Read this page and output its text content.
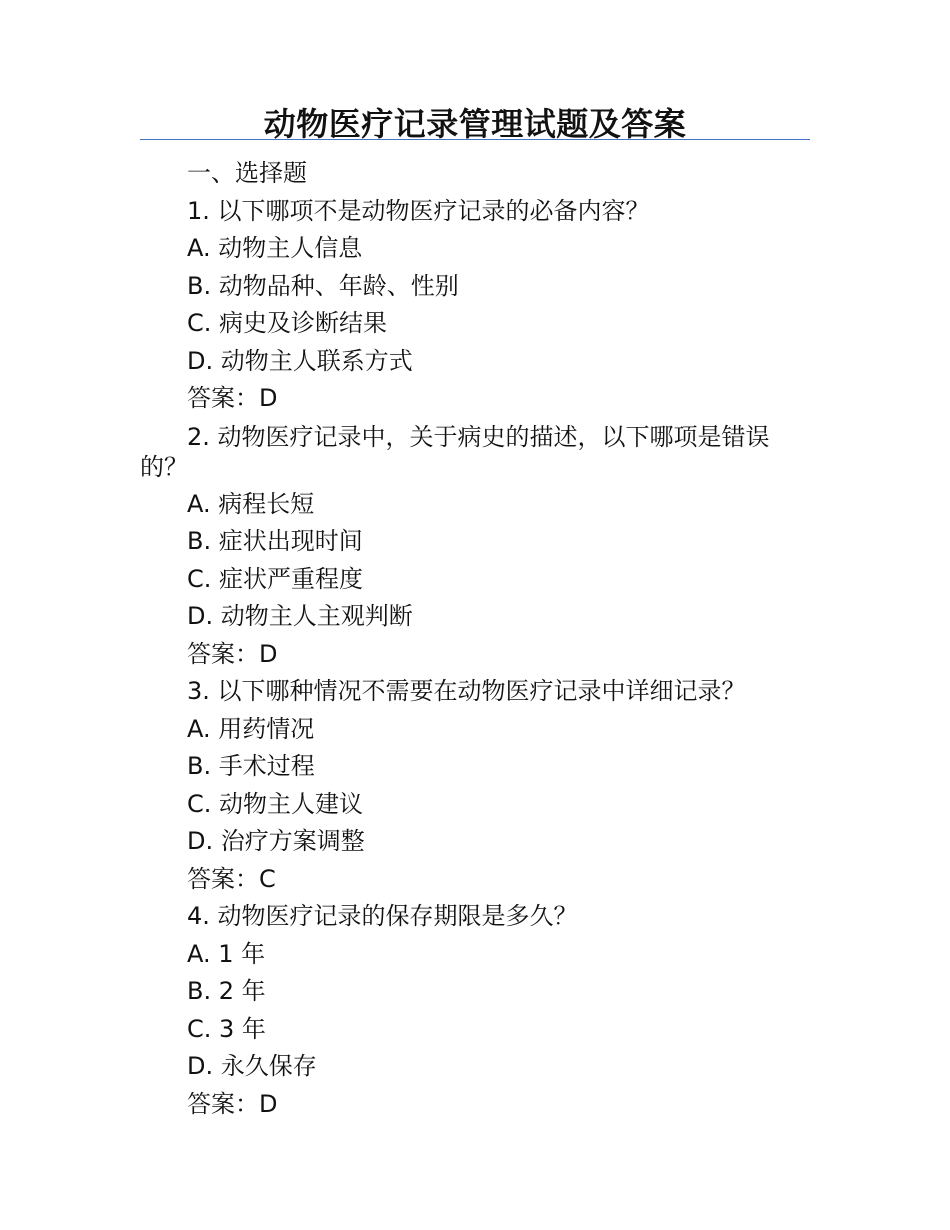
动物医疗记录管理试题及答案

一、选择题

1. 以下哪项不是动物医疗记录的必备内容？

A. 动物主人信息

B. 动物品种、年龄、性别

C. 病史及诊断结果

D. 动物主人联系方式

答案：D

2. 动物医疗记录中，关于病史的描述，以下哪项是错误的？

A. 病程长短

B. 症状出现时间

C. 症状严重程度

D. 动物主人主观判断

答案：D

3. 以下哪种情况不需要在动物医疗记录中详细记录？

A. 用药情况

B. 手术过程

C. 动物主人建议

D. 治疗方案调整

答案：C

4. 动物医疗记录的保存期限是多久？

A. 1 年

B. 2 年

C. 3 年

D. 永久保存

答案：D
